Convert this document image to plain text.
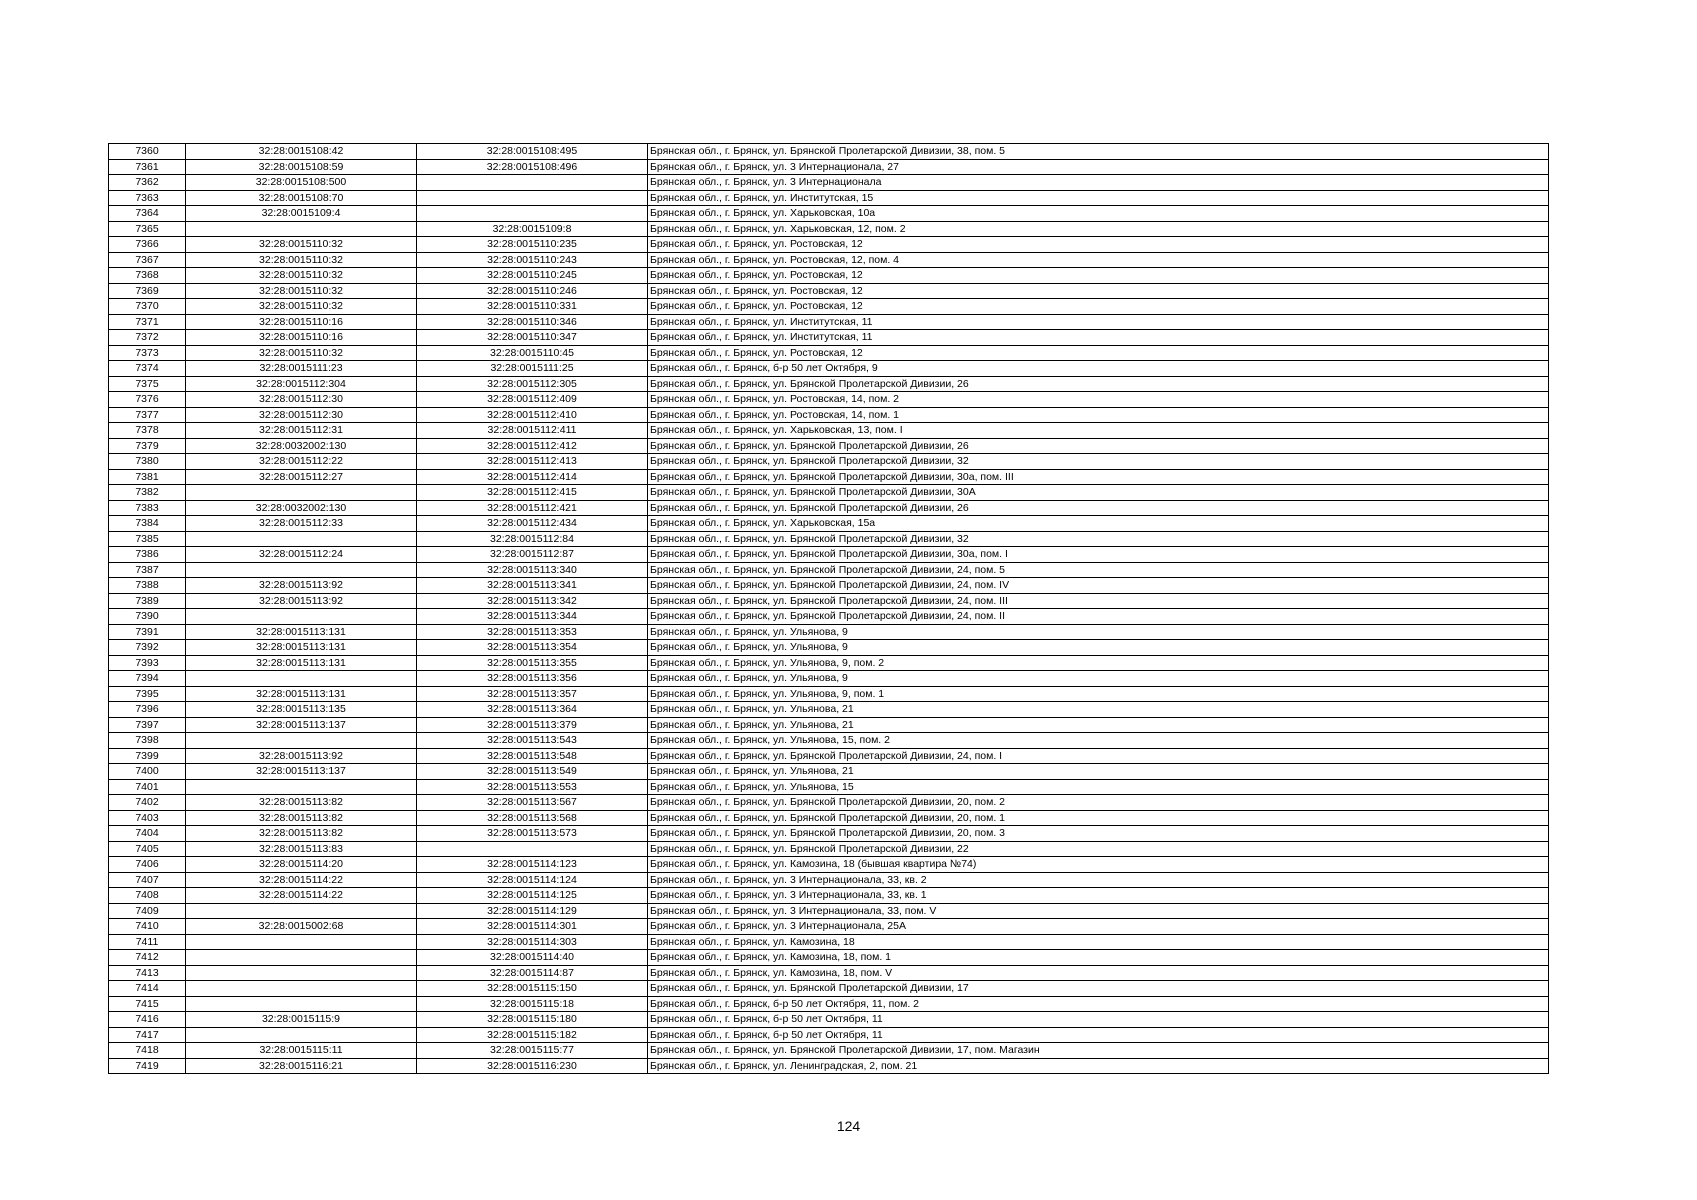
7360	32:28:0015108:42	32:28:0015108:495	Брянская обл., г. Брянск, ул. Брянской Пролетарской Дивизии, 38, пом. 5
7361	32:28:0015108:59	32:28:0015108:496	Брянская обл., г. Брянск, ул. 3 Интернационала, 27
7362	32:28:0015108:500		Брянская обл., г. Брянск, ул. 3 Интернационала
7363	32:28:0015108:70		Брянская обл., г. Брянск, ул. Институтская, 15
7364	32:28:0015109:4		Брянская обл., г. Брянск, ул. Харьковская, 10а
7365		32:28:0015109:8	Брянская обл., г. Брянск, ул. Харьковская, 12, пом. 2
7366	32:28:0015110:32	32:28:0015110:235	Брянская обл., г. Брянск, ул. Ростовская, 12
7367	32:28:0015110:32	32:28:0015110:243	Брянская обл., г. Брянск, ул. Ростовская, 12, пом. 4
7368	32:28:0015110:32	32:28:0015110:245	Брянская обл., г. Брянск, ул. Ростовская, 12
7369	32:28:0015110:32	32:28:0015110:246	Брянская обл., г. Брянск, ул. Ростовская, 12
7370	32:28:0015110:32	32:28:0015110:331	Брянская обл., г. Брянск, ул. Ростовская, 12
7371	32:28:0015110:16	32:28:0015110:346	Брянская обл., г. Брянск, ул. Институтская, 11
7372	32:28:0015110:16	32:28:0015110:347	Брянская обл., г. Брянск, ул. Институтская, 11
7373	32:28:0015110:32	32:28:0015110:45	Брянская обл., г. Брянск, ул. Ростовская, 12
7374	32:28:0015111:23	32:28:0015111:25	Брянская обл., г. Брянск, б-р 50 лет Октября, 9
7375	32:28:0015112:304	32:28:0015112:305	Брянская обл., г. Брянск, ул. Брянской Пролетарской Дивизии, 26
7376	32:28:0015112:30	32:28:0015112:409	Брянская обл., г. Брянск, ул. Ростовская, 14, пом. 2
7377	32:28:0015112:30	32:28:0015112:410	Брянская обл., г. Брянск, ул. Ростовская, 14, пом. 1
7378	32:28:0015112:31	32:28:0015112:411	Брянская обл., г. Брянск, ул. Харьковская, 13, пом. I
7379	32:28:0032002:130	32:28:0015112:412	Брянская обл., г. Брянск, ул. Брянской Пролетарской Дивизии, 26
7380	32:28:0015112:22	32:28:0015112:413	Брянская обл., г. Брянск, ул. Брянской Пролетарской Дивизии, 32
7381	32:28:0015112:27	32:28:0015112:414	Брянская обл., г. Брянск, ул. Брянской Пролетарской Дивизии, 30а, пом. III
7382		32:28:0015112:415	Брянская обл., г. Брянск, ул. Брянской Пролетарской Дивизии, 30А
7383	32:28:0032002:130	32:28:0015112:421	Брянская обл., г. Брянск, ул. Брянской Пролетарской Дивизии, 26
7384	32:28:0015112:33	32:28:0015112:434	Брянская обл., г. Брянск, ул. Харьковская, 15а
7385		32:28:0015112:84	Брянская обл., г. Брянск, ул. Брянской Пролетарской Дивизии, 32
7386	32:28:0015112:24	32:28:0015112:87	Брянская обл., г. Брянск, ул. Брянской Пролетарской Дивизии, 30а, пом. I
7387		32:28:0015113:340	Брянская обл., г. Брянск, ул. Брянской Пролетарской Дивизии, 24, пом. 5
7388	32:28:0015113:92	32:28:0015113:341	Брянская обл., г. Брянск, ул. Брянской Пролетарской Дивизии, 24, пом. IV
7389	32:28:0015113:92	32:28:0015113:342	Брянская обл., г. Брянск, ул. Брянской Пролетарской Дивизии, 24, пом. III
7390		32:28:0015113:344	Брянская обл., г. Брянск, ул. Брянской Пролетарской Дивизии, 24, пом. II
7391	32:28:0015113:131	32:28:0015113:353	Брянская обл., г. Брянск, ул. Ульянова, 9
7392	32:28:0015113:131	32:28:0015113:354	Брянская обл., г. Брянск, ул. Ульянова, 9
7393	32:28:0015113:131	32:28:0015113:355	Брянская обл., г. Брянск, ул. Ульянова, 9, пом. 2
7394		32:28:0015113:356	Брянская обл., г. Брянск, ул. Ульянова, 9
7395	32:28:0015113:131	32:28:0015113:357	Брянская обл., г. Брянск, ул. Ульянова, 9, пом. 1
7396	32:28:0015113:135	32:28:0015113:364	Брянская обл., г. Брянск, ул. Ульянова, 21
7397	32:28:0015113:137	32:28:0015113:379	Брянская обл., г. Брянск, ул. Ульянова, 21
7398		32:28:0015113:543	Брянская обл., г. Брянск, ул. Ульянова, 15, пом. 2
7399	32:28:0015113:92	32:28:0015113:548	Брянская обл., г. Брянск, ул. Брянской Пролетарской Дивизии, 24, пом. I
7400	32:28:0015113:137	32:28:0015113:549	Брянская обл., г. Брянск, ул. Ульянова, 21
7401		32:28:0015113:553	Брянская обл., г. Брянск, ул. Ульянова, 15
7402	32:28:0015113:82	32:28:0015113:567	Брянская обл., г. Брянск, ул. Брянской Пролетарской Дивизии, 20, пом. 2
7403	32:28:0015113:82	32:28:0015113:568	Брянская обл., г. Брянск, ул. Брянской Пролетарской Дивизии, 20, пом. 1
7404	32:28:0015113:82	32:28:0015113:573	Брянская обл., г. Брянск, ул. Брянской Пролетарской Дивизии, 20, пом. 3
7405	32:28:0015113:83		Брянская обл., г. Брянск, ул. Брянской Пролетарской Дивизии, 22
7406	32:28:0015114:20	32:28:0015114:123	Брянская обл., г. Брянск, ул. Камозина, 18 (бывшая квартира №74)
7407	32:28:0015114:22	32:28:0015114:124	Брянская обл., г. Брянск, ул. 3 Интернационала, 33, кв. 2
7408	32:28:0015114:22	32:28:0015114:125	Брянская обл., г. Брянск, ул. 3 Интернационала, 33, кв. 1
7409		32:28:0015114:129	Брянская обл., г. Брянск, ул. 3 Интернационала, 33, пом. V
7410	32:28:0015002:68	32:28:0015114:301	Брянская обл., г. Брянск, ул. 3 Интернационала, 25А
7411		32:28:0015114:303	Брянская обл., г. Брянск, ул. Камозина, 18
7412		32:28:0015114:40	Брянская обл., г. Брянск, ул. Камозина, 18, пом. 1
7413		32:28:0015114:87	Брянская обл., г. Брянск, ул. Камозина, 18, пом. V
7414		32:28:0015115:150	Брянская обл., г. Брянск, ул. Брянской Пролетарской Дивизии, 17
7415		32:28:0015115:18	Брянская обл., г. Брянск, б-р 50 лет Октября, 11, пом. 2
7416	32:28:0015115:9	32:28:0015115:180	Брянская обл., г. Брянск, б-р 50 лет Октября, 11
7417		32:28:0015115:182	Брянская обл., г. Брянск, б-р 50 лет Октября, 11
7418	32:28:0015115:11	32:28:0015115:77	Брянская обл., г. Брянск, ул. Брянской Пролетарской Дивизии, 17, пом. Магазин
7419	32:28:0015116:21	32:28:0015116:230	Брянская обл., г. Брянск, ул. Ленинградская, 2, пом. 21
124
